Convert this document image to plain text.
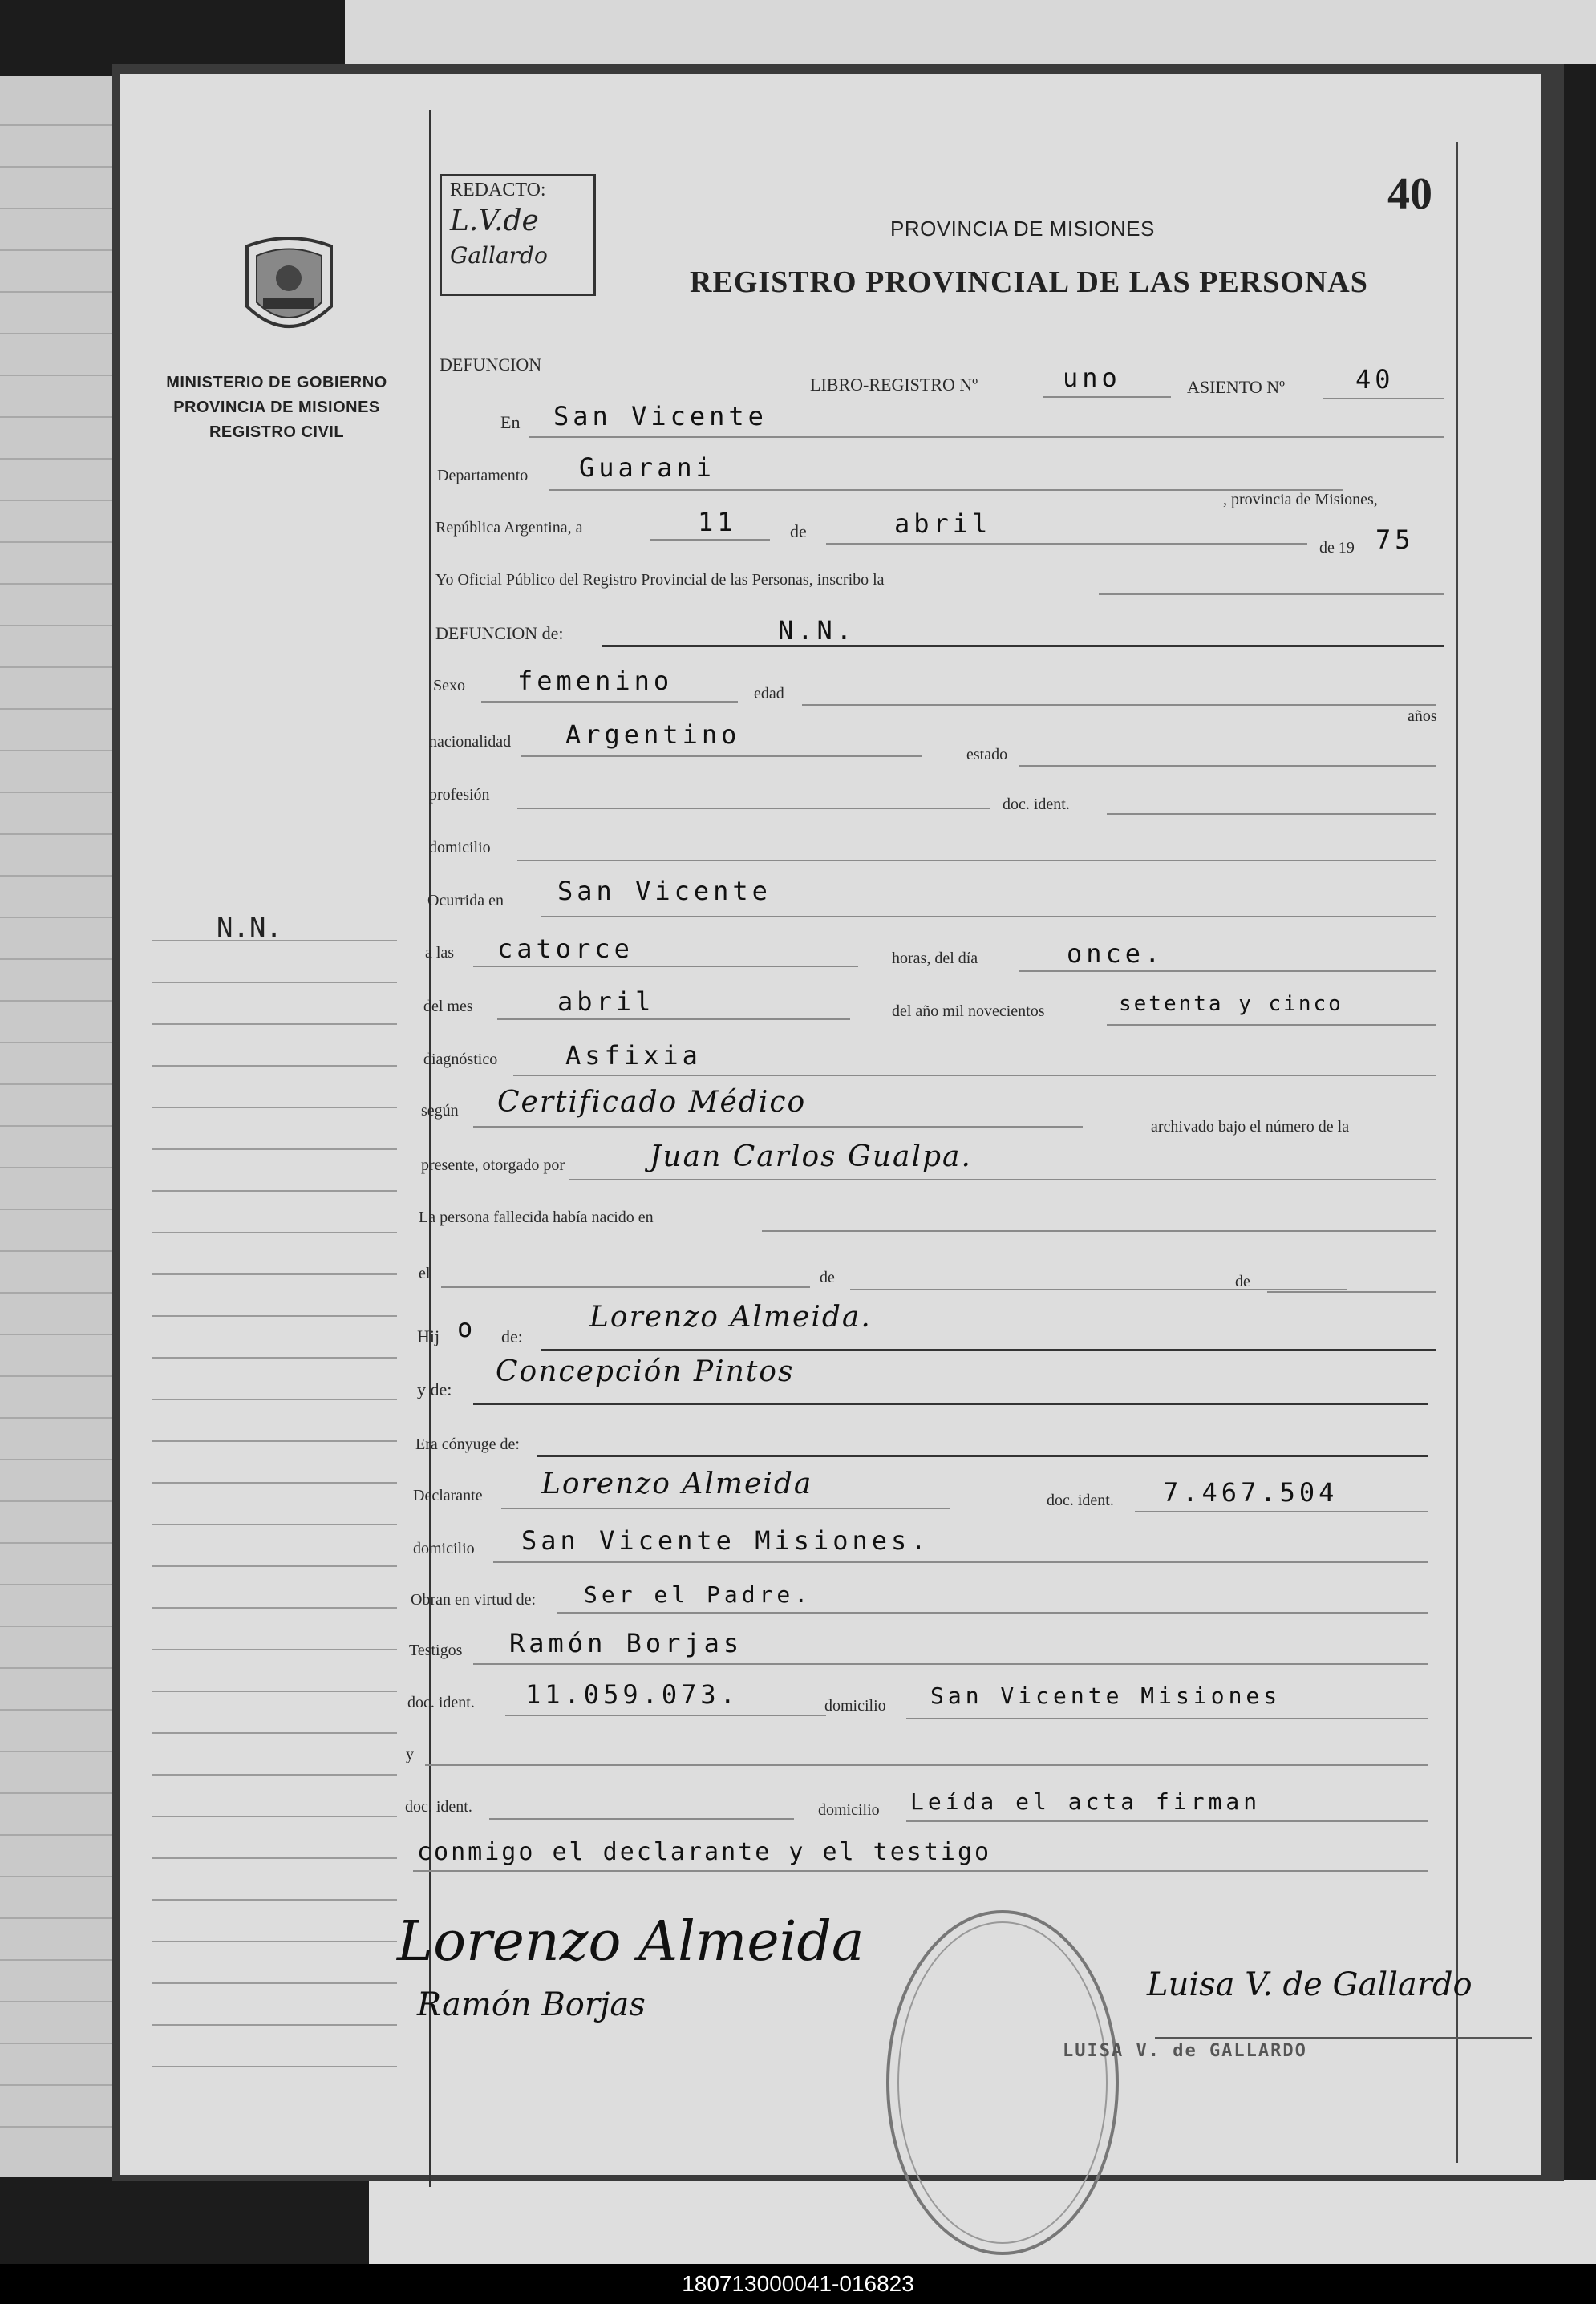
MINISTERIO DE GOBIERNO
PROVINCIA DE MISIONES
REGISTRO CIVIL
N.N.
REDACTO:
L.V.de
Gallardo
40
PROVINCIA DE MISIONES
REGISTRO PROVINCIAL DE LAS PERSONAS
DEFUNCION
LIBRO-REGISTRO Nº	uno	ASIENTO Nº	40
En San Vicente
Departamento Guarani
, provincia de Misiones,
República Argentina, a	11	de	abril
de 19 75
Yo Oficial Público del Registro Provincial de las Personas, inscribo la
DEFUNCION de:	N.N.
Sexo femenino	edad
años
nacionalidad Argentino
estado
profesión
doc. ident.
domicilio
Ocurrida en San Vicente
a las catorce	horas, del día	once.
del mes	abril	del año mil novecientos	setenta y cinco
diagnóstico	Asfixia
según Certificado Médico
archivado bajo el número de la
presente, otorgado por	Juan Carlos Gualpa.
La persona fallecida había nacido en
el	de	de
Hij o de:
Lorenzo Almeida.
y de:
Concepción Pintos
Era cónyuge de:
Declarante Lorenzo Almeida	doc. ident. 7.467.504
domicilio San Vicente Misiones.
Obran en virtud de: Ser el Padre.
Testigos Ramón Borjas
doc. ident. 11.059.073.	domicilio San Vicente Misiones
y
doc. ident.	domicilio Leída el acta firman
conmigo el declarante y el testigo
Lorenzo Almeida
Ramón Borjas
Luisa V. de Gallardo
LUISA V. de GALLARDO
180713000041-016823
